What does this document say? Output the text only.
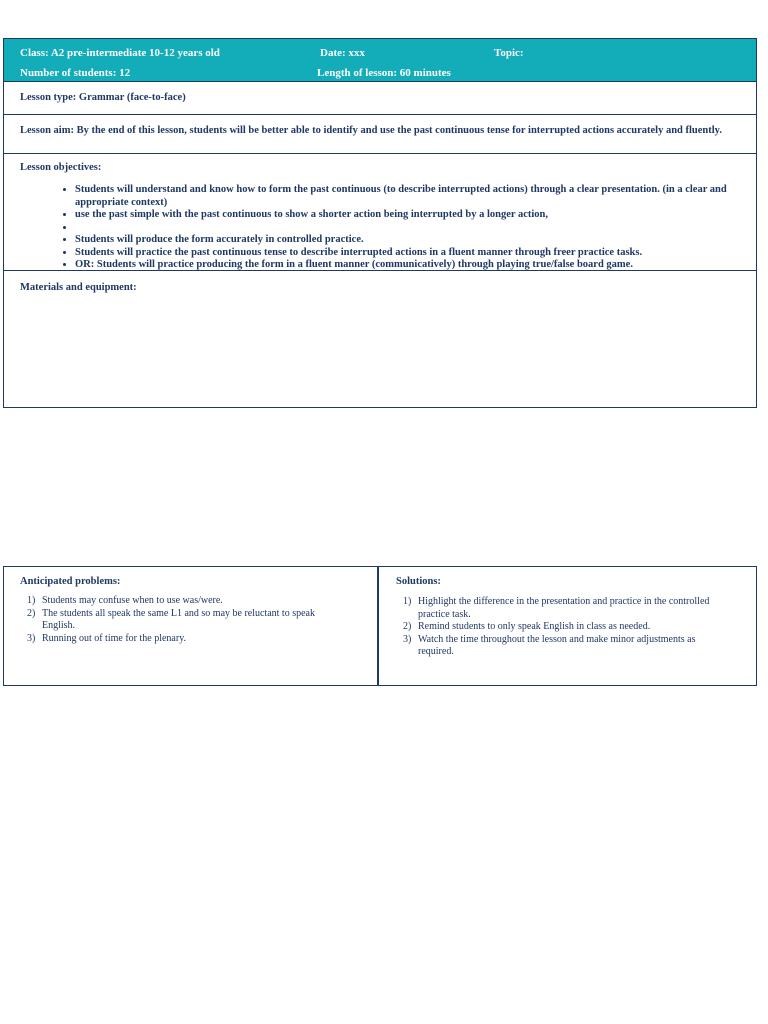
Class: A2 pre-intermediate 10-12 years old	Date: xxx	Topic:
Number of students: 12	Length of lesson: 60 minutes
Lesson type: Grammar (face-to-face)
Lesson aim: By the end of this lesson, students will be better able to identify and use the past continuous tense for interrupted actions accurately and fluently.
Lesson objectives:
• Students will understand and know how to form the past continuous (to describe interrupted actions) through a clear presentation. (in a clear and appropriate context)
• use the past simple with the past continuous to show a shorter action being interrupted by a longer action,
•
• Students will produce the form accurately in controlled practice.
• Students will practice the past continuous tense to describe interrupted actions in a fluent manner through freer practice tasks.
• OR: Students will practice producing the form in a fluent manner (communicatively) through playing true/false board game.
Materials and equipment:
Anticipated problems:
1) Students may confuse when to use was/were.
2) The students all speak the same L1 and so may be reluctant to speak English.
3) Running out of time for the plenary.
Solutions:
1) Highlight the difference in the presentation and practice in the controlled practice task.
2) Remind students to only speak English in class as needed.
3) Watch the time throughout the lesson and make minor adjustments as required.
